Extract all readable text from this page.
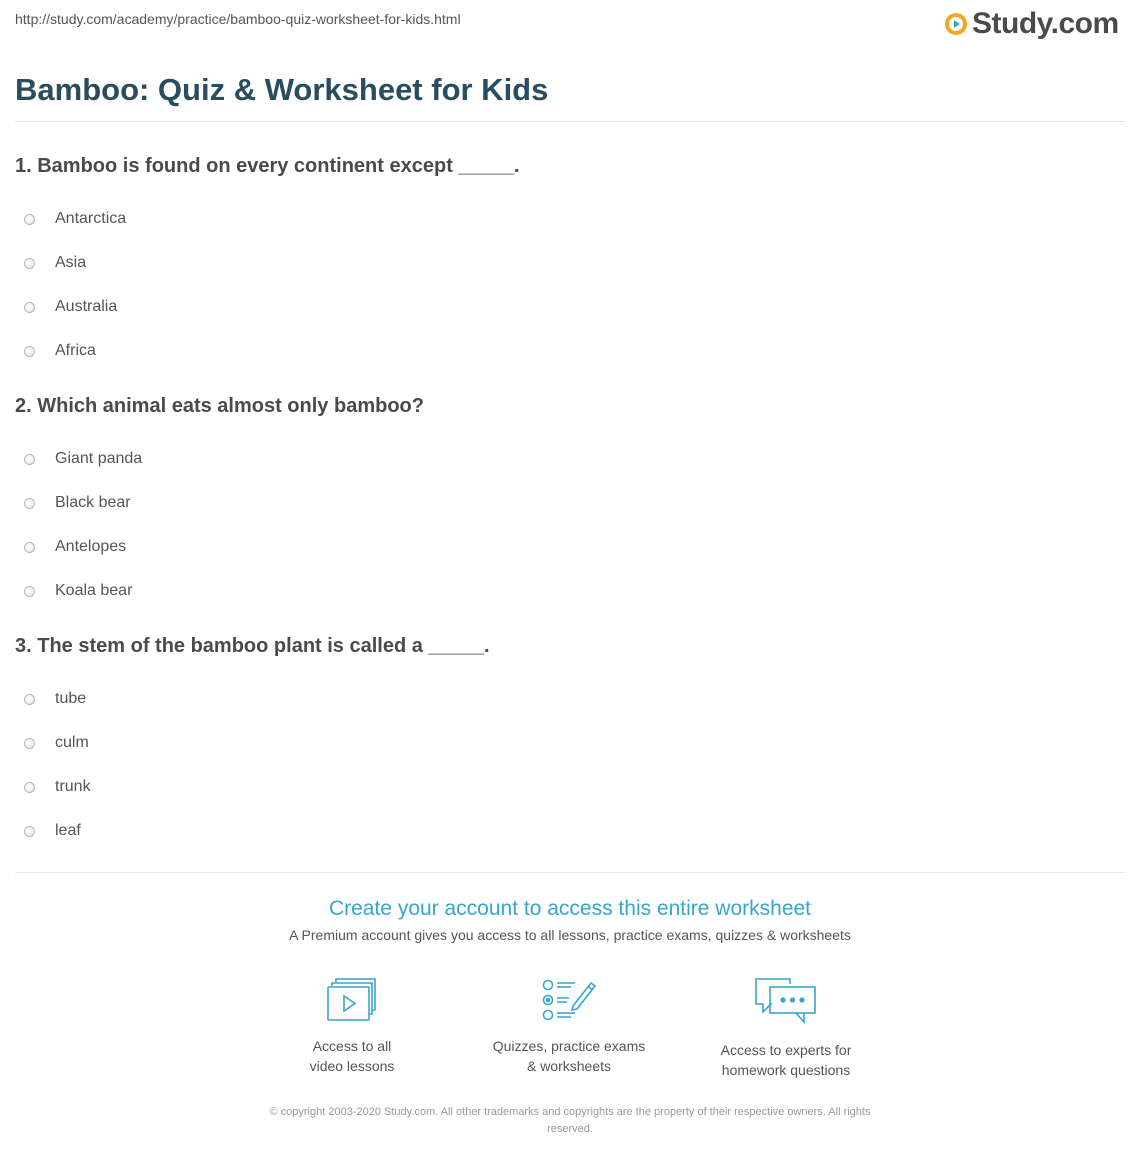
http://study.com/academy/practice/bamboo-quiz-worksheet-for-kids.html	Study.com
Bamboo: Quiz & Worksheet for Kids
1. Bamboo is found on every continent except _____.
Antarctica
Asia
Australia
Africa
2. Which animal eats almost only bamboo?
Giant panda
Black bear
Antelopes
Koala bear
3. The stem of the bamboo plant is called a _____.
tube
culm
trunk
leaf
Create your account to access this entire worksheet
A Premium account gives you access to all lessons, practice exams, quizzes & worksheets
Access to all
video lessons
Quizzes, practice exams
& worksheets
Access to experts for
homework questions
© copyright 2003-2020 Study.com. All other trademarks and copyrights are the property of their respective owners. All rights
reserved.
